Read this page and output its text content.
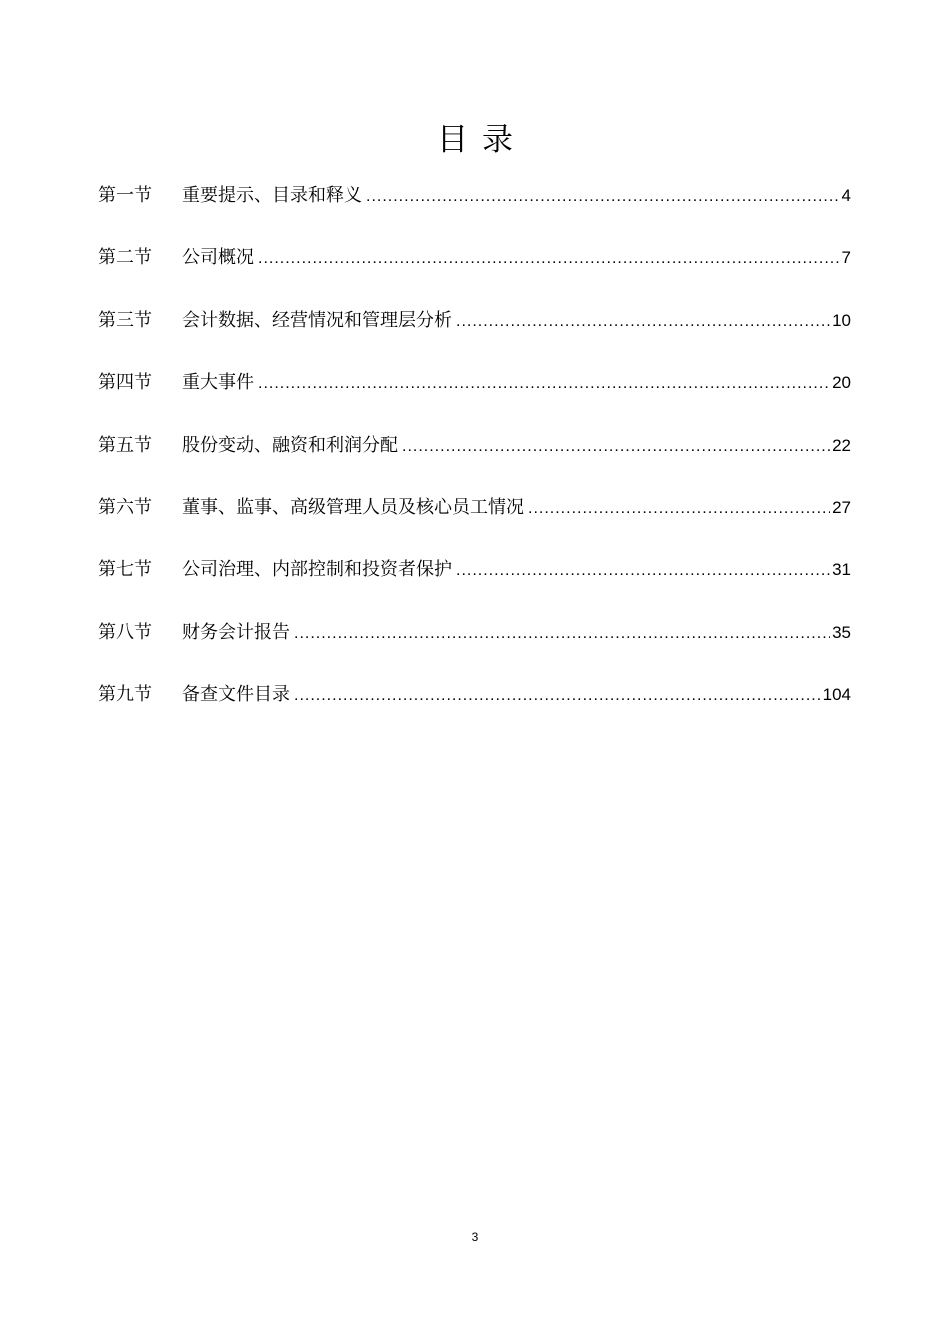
目录
第一节	重要提示、目录和释义 .....	4
第二节	公司概况 .....	7
第三节	会计数据、经营情况和管理层分析 .....	10
第四节	重大事件 .....	20
第五节	股份变动、融资和利润分配 .....	22
第六节	董事、监事、高级管理人员及核心员工情况 .....	27
第七节	公司治理、内部控制和投资者保护 .....	31
第八节	财务会计报告 .....	35
第九节	备查文件目录 .....	104
3
